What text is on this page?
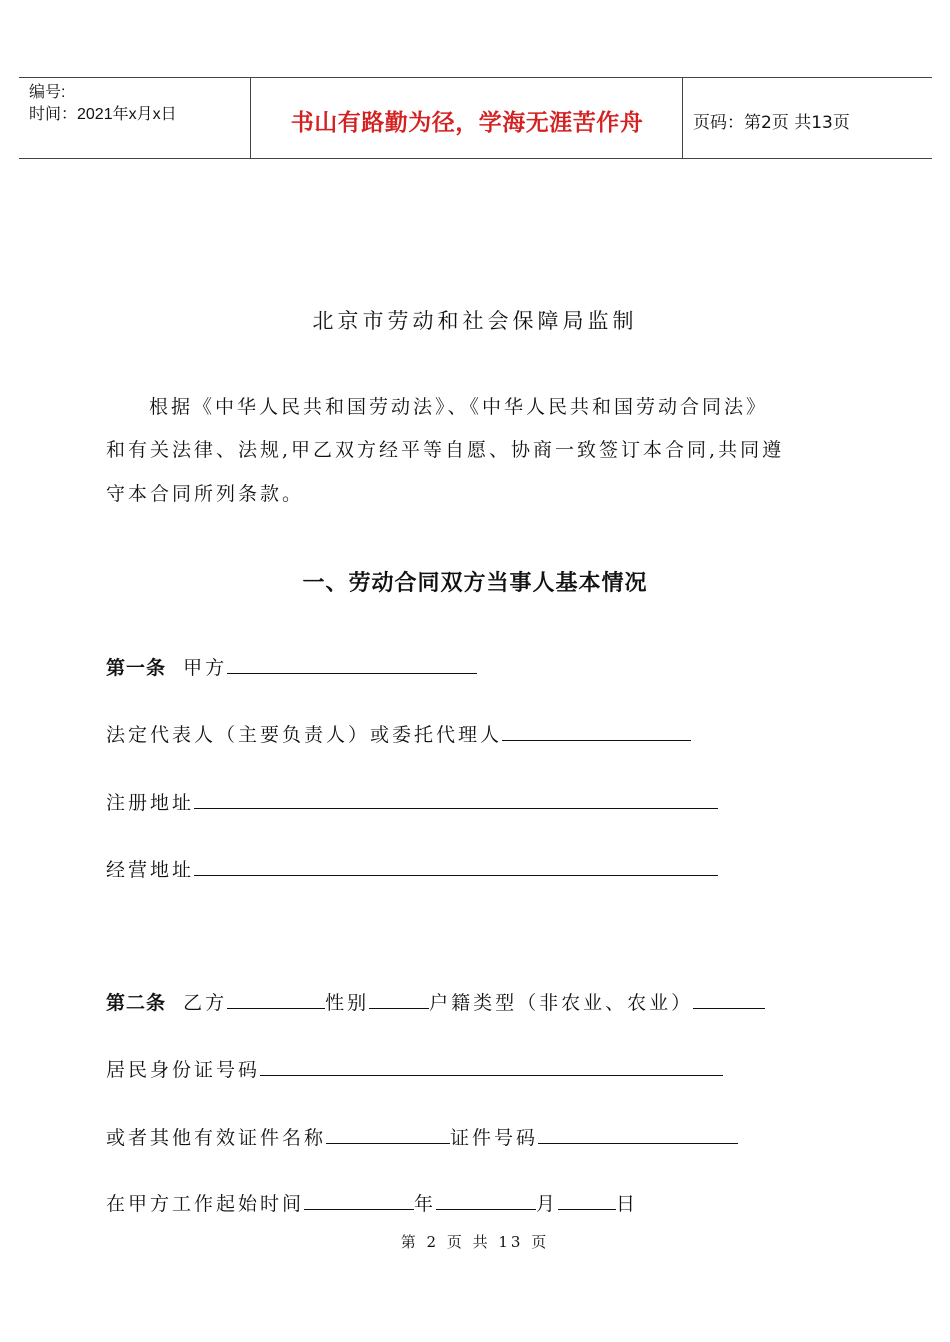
编号:
时间：2021年x月x日	书山有路勤为径，学海无涯苦作舟	页码：第2页 共13页
北京市劳动和社会保障局监制
根据《中华人民共和国劳动法》、《中华人民共和国劳动合同法》
和有关法律、法规,甲乙双方经平等自愿、协商一致签订本合同,共同遵
守本合同所列条款。
一、劳动合同双方当事人基本情况
第一条 甲方
法定代表人（主要负责人）或委托代理人
注册地址
经营地址
第二条 乙方	性别	户籍类型（非农业、农业）
居民身份证号码
或者其他有效证件名称	证件号码
在甲方工作起始时间	年	月	日
第 2 页 共 13 页
